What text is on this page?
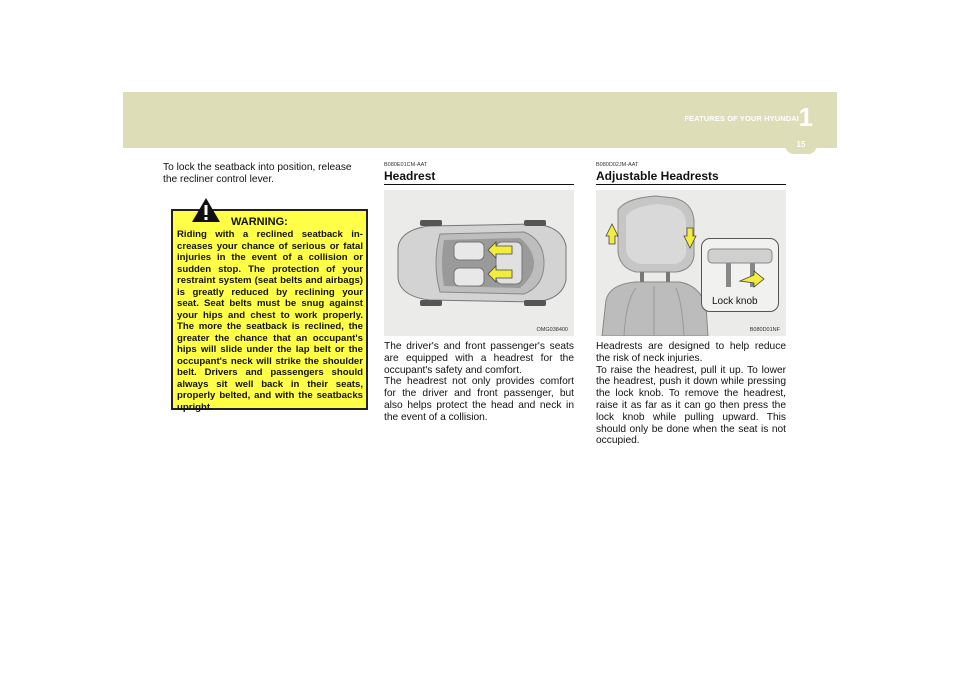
FEATURES OF YOUR HYUNDAI 1
15

To lock the seatback into position, release the recliner control lever.

WARNING:

Riding with a reclined seatback in-creases your chance of serious or fatal injuries in the event of a collision or sudden stop. The protection of your restraint system (seat belts and airbags) is greatly reduced by reclining your seat. Seat belts must be snug against your hips and chest to work properly. The more the seatback is reclined, the greater the chance that an occupant's hips will slide under the lap belt or the occupant's neck will strike the shoulder belt. Drivers and passengers should always sit well back in their seats, properly belted, and with the seatbacks upright.

B080E01CM-AAT

Headrest

OMG038400

The driver's and front passenger's seats are equipped with a headrest for the occupant's safety and comfort.
The headrest not only provides comfort for the driver and front passenger, but also helps protect the head and neck in the event of a collision.

B080D02JM-AAT

Adjustable Headrests

Lock knob
B080D01NF

Headrests are designed to help reduce the risk of neck injuries.
To raise the headrest, pull it up. To lower the headrest, push it down while pressing the lock knob. To remove the headrest, raise it as far as it can go then press the lock knob while pulling upward. This should only be done when the seat is not occupied.
